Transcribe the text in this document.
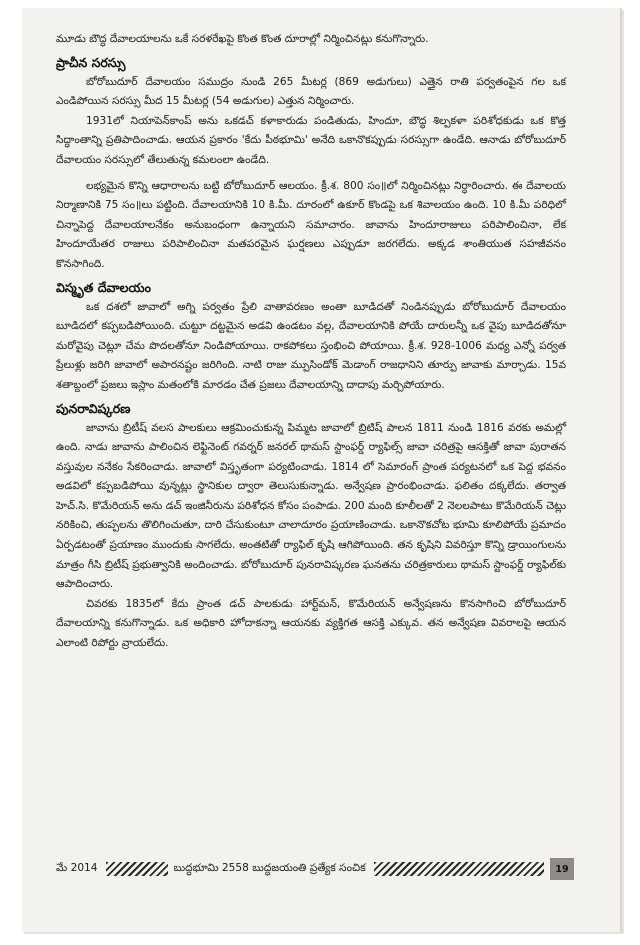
మూడు బౌద్ధ దేవాలయాలను ఒకే సరళరేఖపై కొంత కొంత దూరాల్లో నిర్మించినట్లు కనుగొన్నారు.

ప్రాచీన సరస్సు

బోరోబుదూర్ దేవాలయం సముద్రం నుండి 265 మీటర్ల (869 అడుగులు) ఎత్తైన రాతి పర్వతంపైన గల ఒక ఎండిపోయిన సరస్సు మీద 15 మీటర్ల (54 అడుగుల) ఎత్తున నిర్మించారు.

1931లో నియాపెన్‌కాంప్ అను ఒకడచ్ కళాకారుడు పండితుడు, హిందూ, బౌద్ధ శిల్పకళా పరిశోధకుడు ఒక కొత్త సిద్ధాంతాన్ని ప్రతిపాదించాడు. ఆయన ప్రకారం 'కేదు పీఠభూమి' అనేది ఒకానొకప్పుడు సరస్సుగా ఉండేది. ఆనాడు బోరోబుదూర్ దేవాలయం సరస్సులో తేలుతున్న కమలంలా ఉండేది.

లభ్యమైన కొన్ని ఆధారాలను బట్టి బోరోబుదూర్ ఆలయం. క్రీ.శ. 800 సం॥లో నిర్మించినట్లు నిర్ధారించారు. ఈ దేవాలయ నిర్మాణానికి 75 సం॥లు పట్టింది. దేవాలయానికి 10 కి.మీ. దూరంలో ఉకూర్ కొండపై ఒక శివాలయం ఉంది. 10 కి.మీ పరిధిలో చిన్నాపెద్ద దేవాలయాలనేకం అనుబంధంగా ఉన్నాయని సమాచారం. జావాను హిందూరాజులు పరిపాలించినా, లేక హిందూయేతర రాజులు పరిపాలించినా మతపరమైన ఘర్షణలు ఎప్పుడూ జరగలేదు. అక్కడ శాంతియుత సహజీవనం కొనసాగింది.

విస్మృత దేవాలయం

ఒక దశలో జావాలో అగ్ని పర్వతం ప్రేలి వాతావరణం అంతా బూడిదతో నిండినప్పుడు బోరోబుదూర్ దేవాలయం బూడిదలో కప్పబడిపోయింది. చుట్టూ దట్టమైన అడవి ఉండటం వల్ల, దేవాలయానికి పోయే దారులన్నీ ఒక వైపు బూడిదతోనూ మరోవైపు చెట్లూ చేమ పొదలతోనూ నిండిపోయాయి. రాకపోకలు స్తంభించి పోయాయి. క్రీ.శ. 928-1006 మధ్య ఎన్నో పర్వత ప్రేలుళ్లు జరిగి జావాలో అపారనష్టం జరిగింది. నాటి రాజు మ్పుసిండోక్ మెడాంగ్ రాజధానిని తూర్పు జావాకు మార్చాడు. 15వ శతాబ్దంలో ప్రజలు ఇస్లాం మతంలోకి మారడం చేత ప్రజలు దేవాలయాన్ని దాదాపు మర్చిపోయారు.

పునరావిష్కరణ

జావాను బ్రిటీష్ వలస పాలకులు ఆక్రమించుకున్న పిమ్మట జావాలో బ్రిటిష్ పాలన 1811 నుండి 1816 వరకు అమల్లో ఉంది. నాడు జావాను పాలించిన లెఫ్టినెంట్ గవర్నర్ జనరల్ థామస్ స్టాంఫర్డ్ ర్యాఫిల్స్ జావా చరిత్రపై ఆసక్తితో జావా పురాతన వస్తువుల ననేకం సేకరించాడు. జావాలో విస్తృతంగా పర్యటించాడు. 1814 లో సెమారంగ్ ప్రాంత పర్యటనలో ఒక పెద్ద భవనం అడవిలో కప్పబడిపోయి వున్నట్లు స్థానికుల ద్వారా తెలుసుకున్నాడు. అన్వేషణ ప్రారంభించాడు. ఫలితం దక్కలేదు. తర్వాత హెచ్.సి. కొమేరియన్ అను డచ్ ఇంజినీరును పరిశోధన కోసం పంపాడు. 200 మంది కూలీలతో 2 నెలలపాటు కొమేరియన్ చెట్లు నరికించి, తుప్పలను తొలిగించుతూ, దారి చేసుకుంటూ చాలాదూరం ప్రయాణించాడు. ఒకానొకచోట భూమి కూలిపోయే ప్రమాదం ఏర్పడటంతో ప్రయాణం ముందుకు సాగలేదు. అంతటితో ర్యాఫిల్ కృషి ఆగిపోయింది. తన కృషిని వివరిస్తూ కొన్ని డ్రాయింగులను మాత్రం గీసి బ్రిటీష్ ప్రభుత్వానికి అందించాడు. బోరోబుదూర్ పునరావిష్కరణ ఘనతను చరిత్రకారులు థామస్ స్టాంఫర్డ్ ర్యాఫిల్‌కు ఆపాదించారు.

చివరకు 1835లో కేదు ప్రాంత డచ్ పాలకుడు హార్ట్‌మన్, కొమేరియన్ అన్వేషణను కొనసాగించి బోరోబుదూర్ దేవాలయాన్ని కనుగొన్నాడు. ఒక అధికారి హోదాకన్నా ఆయనకు వ్యక్తిగత ఆసక్తి ఎక్కువ. తన అన్వేషణ వివరాలపై ఆయన ఎలాంటి రిపోర్టు వ్రాయలేదు.

మే 2014	బుద్ధభూమి 2558 బుద్ధజయంతి ప్రత్యేక సంచిక	19
